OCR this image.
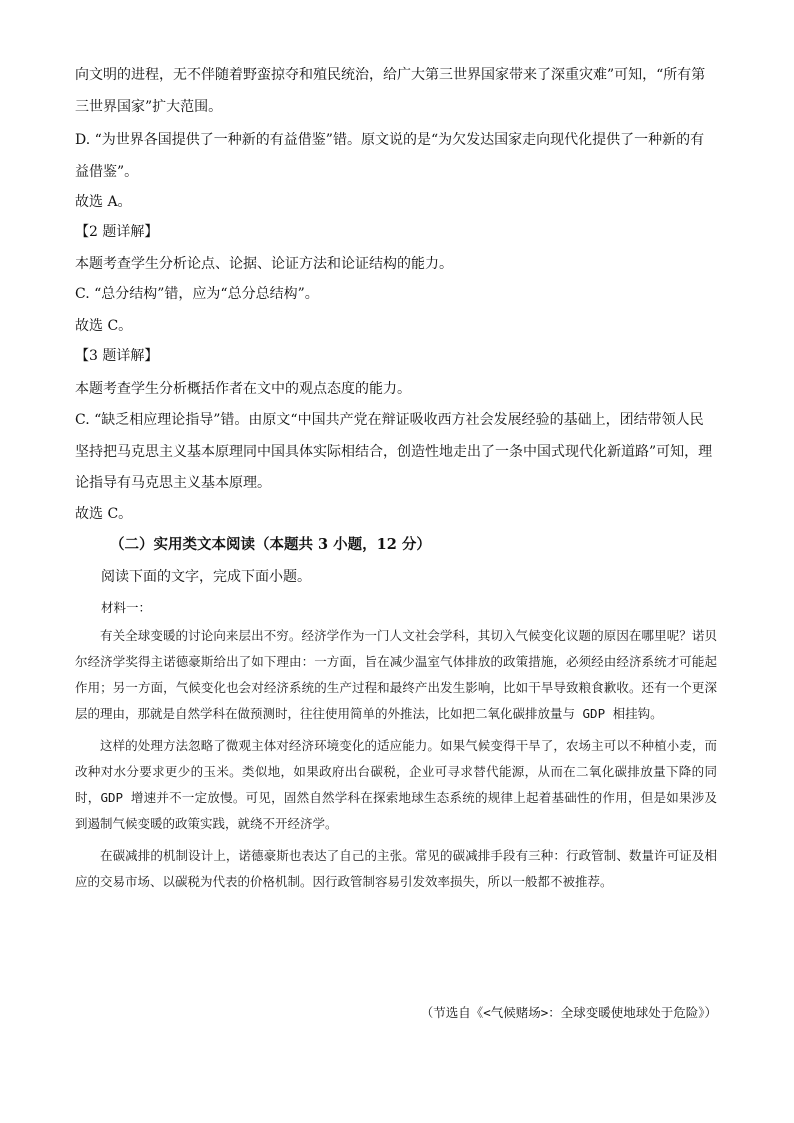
向文明的进程，无不伴随着野蛮掠夺和殖民统治，给广大第三世界国家带来了深重灾难”可知，“所有第
三世界国家”扩大范围。
D. “为世界各国提供了一种新的有益借鉴”错。原文说的是“为欠发达国家走向现代化提供了一种新的有
益借鉴”。
故选 A。
【2 题详解】
本题考查学生分析论点、论据、论证方法和论证结构的能力。
C. “总分结构”错，应为“总分总结构”。
故选 C。
【3 题详解】
本题考查学生分析概括作者在文中的观点态度的能力。
C. “缺乏相应理论指导”错。由原文“中国共产党在辩证吸收西方社会发展经验的基础上，团结带领人民
坚持把马克思主义基本原理同中国具体实际相结合，创造性地走出了一条中国式现代化新道路”可知，理
论指导有马克思主义基本原理。
故选 C。
（二）实用类文本阅读（本题共 3 小题，12 分）
阅读下面的文字，完成下面小题。
材料一：

有关全球变暖的讨论向来层出不穷。经济学作为一门人文社会学科，其切入气候变化议题的原因在哪里呢？诺贝尔经济学奖得主诺德豪斯给出了如下理由：一方面，旨在减少温室气体排放的政策措施，必须经由经济系统才可能起作用；另一方面，气候变化也会对经济系统的生产过程和最终产出发生影响，比如干旱导致粮食歉收。还有一个更深层的理由，那就是自然学科在做预测时，往往使用简单的外推法，比如把二氧化碳排放量与 GDP 相挂钩。

这样的处理方法忽略了微观主体对经济环境变化的适应能力。如果气候变得干旱了，农场主可以不种植小麦，而改种对水分要求更少的玉米。类似地，如果政府出台碳税，企业可寻求替代能源，从而在二氧化碳排放量下降的同时，GDP 增速并不一定放慢。可见，固然自然学科在探索地球生态系统的规律上起着基础性的作用，但是如果涉及到遏制气候变暖的政策实践，就绕不开经济学。

在碳减排的机制设计上，诺德豪斯也表达了自己的主张。常见的碳减排手段有三种：行政管制、数量许可证及相应的交易市场、以碳税为代表的价格机制。因行政管制容易引发效率损失，所以一般都不被推荐。

（节选自《<气候赌场>：全球变暖使地球处于危险》）
